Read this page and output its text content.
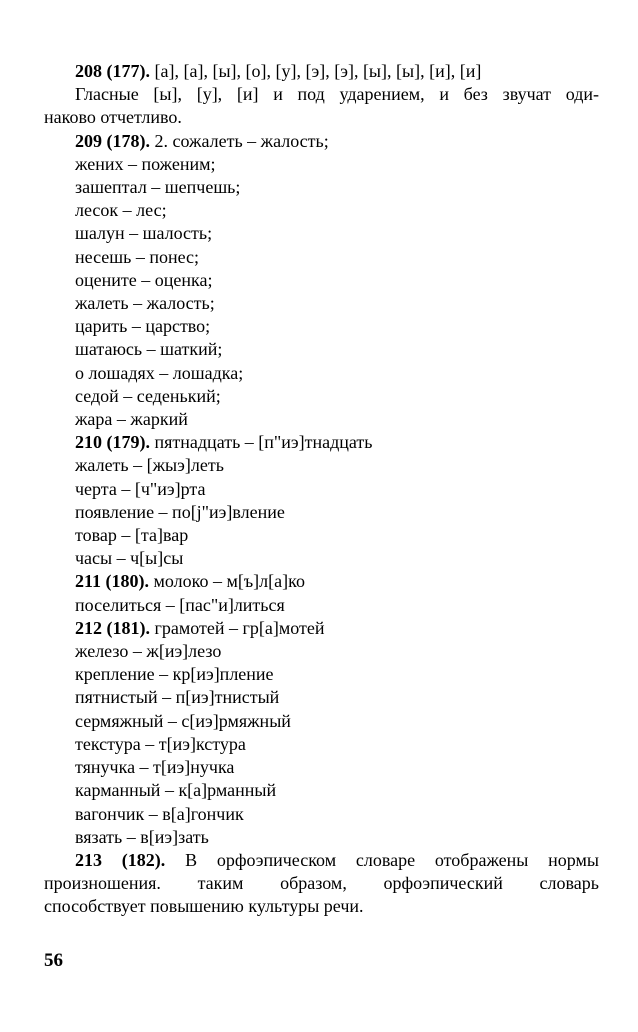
208 (177). [а], [а], [ы], [о], [у], [э], [э], [ы], [ы], [и], [и]
Гласные [ы], [у], [и] и под ударением, и без звучат оди-
наково отчетливо.
209 (178). 2. сожалеть – жалость;
жених – поженим;
зашептал – шепчешь;
лесок – лес;
шалун – шалость;
несешь – понес;
оцените – оценка;
жалеть – жалость;
царить – царство;
шатаюсь – шаткий;
о лошадях – лошадка;
седой – седенький;
жара – жаркий
210 (179). пятнадцать – [п"иэ]тнадцать
жалеть – [жыэ]леть
черта – [ч"иэ]рта
появление – по[j"иэ]вление
товар – [та]вар
часы – ч[ы]сы
211 (180). молоко – м[ъ]л[а]ко
поселиться – [пас"и]литься
212 (181). грамотей – гр[а]мотей
железо – ж[иэ]лезо
крепление – кр[иэ]пление
пятнистый – п[иэ]тнистый
сермяжный – с[иэ]рмяжный
текстура – т[иэ]кстура
тянучка – т[иэ]нучка
карманный – к[а]рманный
вагончик – в[а]гончик
вязать – в[иэ]зать
213 (182). В орфоэпическом словаре отображены нормы
произношения. таким образом, орфоэпический словарь
способствует повышению культуры речи.
56
